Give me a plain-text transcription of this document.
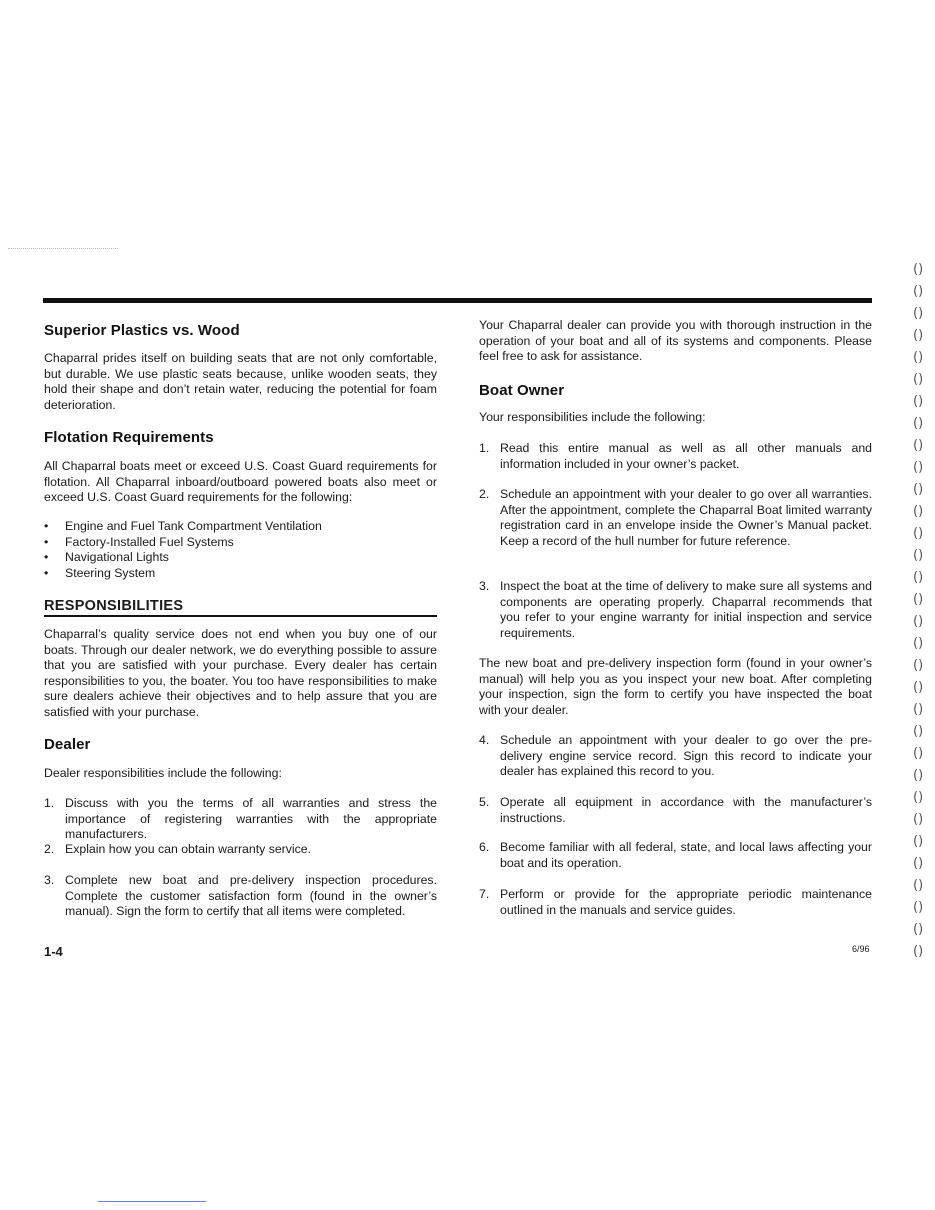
Superior Plastics vs. Wood

Chaparral prides itself on building seats that are not only comfortable, but durable. We use plastic seats because, unlike wooden seats, they hold their shape and don’t retain water, reducing the potential for foam deterioration.

Flotation Requirements

All Chaparral boats meet or exceed U.S. Coast Guard requirements for flotation. All Chaparral inboard/outboard powered boats also meet or exceed U.S. Coast Guard requirements for the following:

• Engine and Fuel Tank Compartment Ventilation
• Factory-Installed Fuel Systems
• Navigational Lights
• Steering System
RESPONSIBILITIES

Chaparral’s quality service does not end when you buy one of our boats. Through our dealer network, we do everything possible to assure that you are satisfied with your purchase. Every dealer has certain responsibilities to you, the boater. You too have responsibilities to make sure dealers achieve their objectives and to help assure that you are satisfied with your purchase.

Dealer

Dealer responsibilities include the following:

1. Discuss with you the terms of all warranties and stress the importance of registering warranties with the appropriate manufacturers.

2. Explain how you can obtain warranty service.

3. Complete new boat and pre-delivery inspection procedures. Complete the customer satisfaction form (found in the owner’s manual). Sign the form to certify that all items were completed.

Your Chaparral dealer can provide you with thorough instruction in the operation of your boat and all of its systems and components. Please feel free to ask for assistance.

Boat Owner

Your responsibilities include the following:

1. Read this entire manual as well as all other manuals and information included in your owner’s packet.

2. Schedule an appointment with your dealer to go over all warranties. After the appointment, complete the Chaparral Boat limited warranty registration card in an envelope inside the Owner’s Manual packet. Keep a record of the hull number for future reference.

3. Inspect the boat at the time of delivery to make sure all systems and components are operating properly. Chaparral recommends that you refer to your engine warranty for initial inspection and service requirements.

The new boat and pre-delivery inspection form (found in your owner’s manual) will help you as you inspect your new boat. After completing your inspection, sign the form to certify you have inspected the boat with your dealer.

4. Schedule an appointment with your dealer to go over the pre-delivery engine service record. Sign this record to indicate your dealer has explained this record to you.

5. Operate all equipment in accordance with the manufacturer’s instructions.

6. Become familiar with all federal, state, and local laws affecting your boat and its operation.

7. Perform or provide for the appropriate periodic maintenance outlined in the manuals and service guides.

1-4	6/96
()
()
()
()
()
()
()
()
()
()
()
()
()
()
()
()
()
()
()
()
()
()
()
()
()
()
()
()
()
()
()
()
